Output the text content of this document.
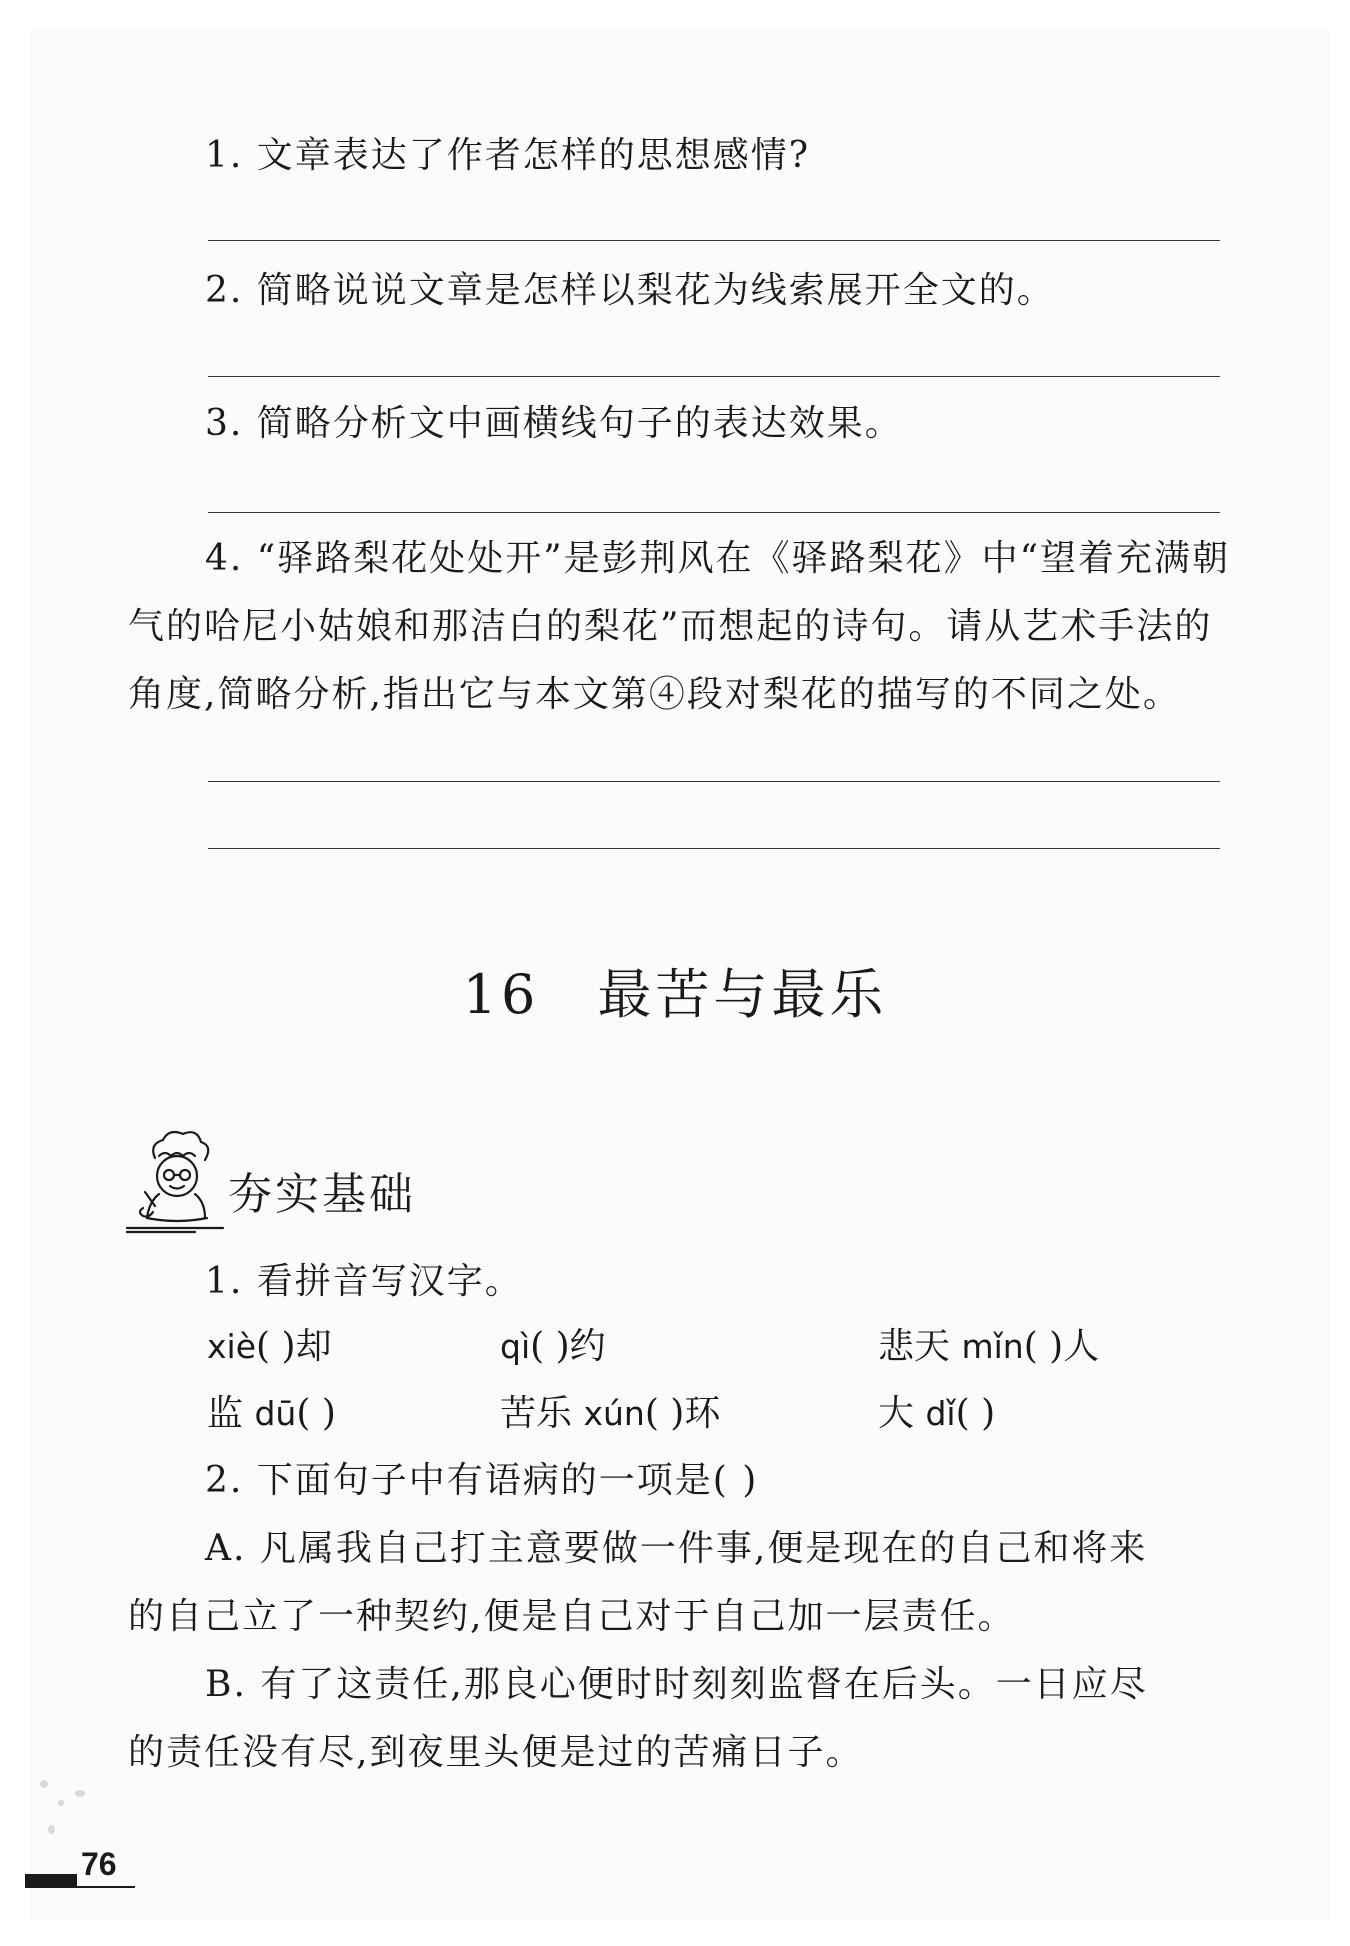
1. 文章表达了作者怎样的思想感情?

2. 简略说说文章是怎样以梨花为线索展开全文的。

3. 简略分析文中画横线句子的表达效果。

4. “驿路梨花处处开”是彭荆风在《驿路梨花》中“望着充满朝

气的哈尼小姑娘和那洁白的梨花”而想起的诗句。请从艺术手法的

角度,简略分析,指出它与本文第④段对梨花的描写的不同之处。

16 最苦与最乐
夯实基础

1. 看拼音写汉字。

xiè( )却	qì( )约	悲天 mǐn( )人

监 dū( )	苦乐 xún( )环	大 dǐ( )

2. 下面句子中有语病的一项是( )

A. 凡属我自己打主意要做一件事,便是现在的自己和将来

的自己立了一种契约,便是自己对于自己加一层责任。

B. 有了这责任,那良心便时时刻刻监督在后头。一日应尽

的责任没有尽,到夜里头便是过的苦痛日子。

76
